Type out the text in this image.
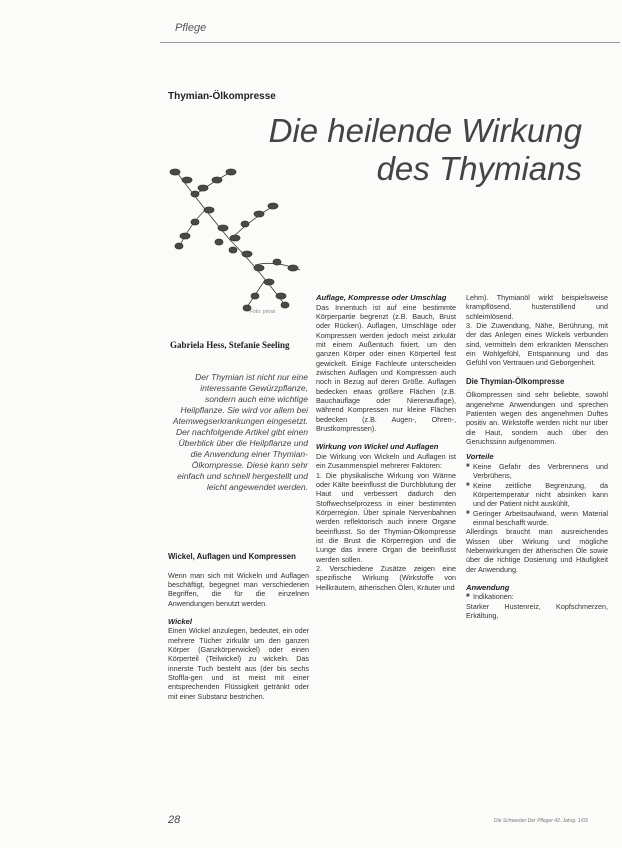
Pflege
Thymian-Ölkompresse
Die heilende Wirkung
des Thymians
Foto: privat
Gabriela Hess, Stefanie Seeling
Der Thymian ist nicht nur eine interessante Gewürzpflanze, sondern auch eine wichtige Heilpflanze. Sie wird vor allem bei Atemwegserkrankungen eingesetzt. Der nachfolgende Artikel gibt einen Überblick über die Heilpflanze und die Anwendung einer Thymian-Ölkompresse. Diese kann sehr einfach und schnell hergestellt und leicht angewendet werden.
Wickel, Auflagen und Kompressen

Wenn man sich mit Wickeln und Auflagen beschäftigt, begegnet man verschiedenen Begriffen, die für die einzelnen Anwendungen benutzt werden.

Wickel

Einen Wickel anzulegen, bedeutet, ein oder mehrere Tücher zirkulär um den ganzen Körper (Ganzkörperwickel) oder einen Körperteil (Teilwickel) zu wickeln. Das innerste Tuch besteht aus (der bis sechs Stoffla-gen und ist meist mit einer entsprechenden Flüssigkeit getränkt oder mit einer Substanz bestrichen.

Auflage, Kompresse oder Umschlag

Das Innentuch ist auf eine bestimmte Körperpartie begrenzt (z.B. Bauch, Brust oder Rücken). Auflagen, Umschläge oder Kompressen werden jedoch meist zirkulär mit einem Außentuch fixiert, um den ganzen Körper oder einen Körperteil fest gewickelt. Einige Fachleute unterscheiden zwischen Auflagen und Kompressen auch noch in Bezug auf deren Größe. Auflagen bedecken etwas größere Flächen (z.B. Bauchauflage oder Nierenauflage), während Kompressen nur kleine Flächen bedecken (z.B. Augen-, Ohren-, Brustkompressen).

Wirkung von Wickel und Auflagen

Die Wirkung von Wickeln und Auflagen ist ein Zusammenspiel mehrerer Faktoren:

1. Die physikalische Wirkung von Wärme oder Kälte beeinflusst die Durchblutung der Haut und verbessert dadurch den Stoffwechselprozess in einer bestimmten Körperregion. Über spinale Nervenbahnen werden reflektorisch auch innere Organe beeinflusst. So der Thymian-Ölkompresse ist die Brust die Körperregion und die Lunge das innere Organ die beeinflusst werden sollen.

2. Verschiedene Zusätze zeigen eine spezifische Wirkung (Wirkstoffe von Heilkräutern, ätherischen Ölen, Kräuter und

Lehm). Thymianöl wirkt beispielsweise krampflösend, hustenstillend und schleimlösend.

3. Die Zuwendung, Nähe, Berührung, mit der das Anlegen eines Wickels verbunden sind, vermitteln dem erkrankten Menschen ein Wohlgefühl, Entspannung und das Gefühl von Vertrauen und Geborgenheit.

Die Thymian-Ölkompresse

Ölkompressen sind sehr beliebte, sowohl angenehme Anwendungen und sprechen Patienten wegen des angenehmen Duftes positiv an. Wirkstoffe werden nicht nur über die Haut, sondern auch über den Geruchssinn aufgenommen.

Vorteile
■ Keine Gefahr des Verbrennens und Verbrühens,
■ Keine zeitliche Begrenzung, da Körpertemperatur nicht absinken kann und der Patient nicht auskühlt,
■ Geringer Arbeitsaufwand, wenn Material einmal beschafft wurde.

Allerdings braucht man ausreichendes Wissen über Wirkung und mögliche Nebenwirkungen der ätherischen Öle sowie über die richtige Dosierung und Häufigkeit der Anwendung.

Anwendung
■ Indikationen:

Starker Hustenreiz, Kopfschmerzen, Erkältung,

28	Die Schwester Der Pfleger 42. Jahrg. 1/03
